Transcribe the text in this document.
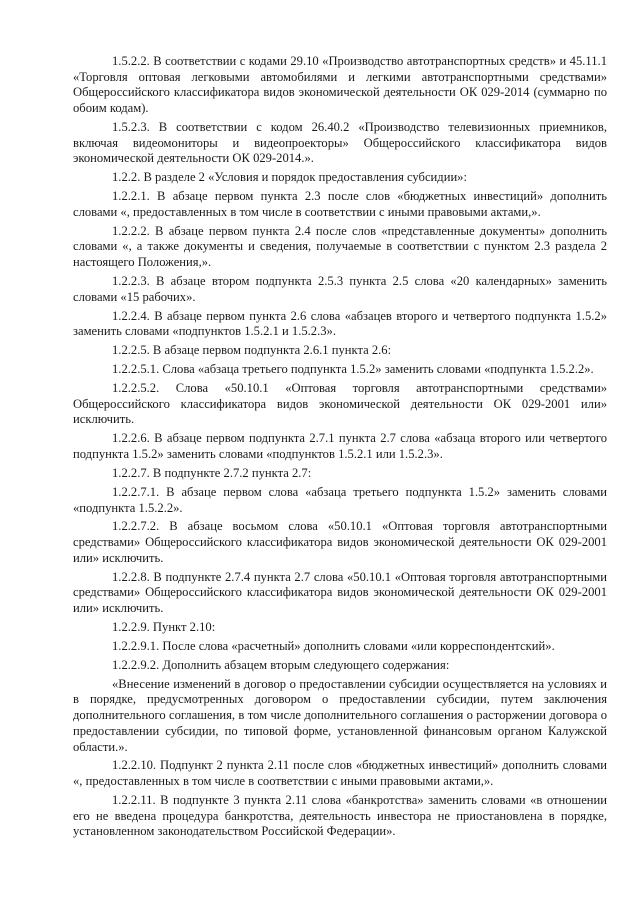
1.5.2.2. В соответствии с кодами 29.10 «Производство автотранспортных средств» и 45.11.1 «Торговля оптовая легковыми автомобилями и легкими автотранспортными средствами» Общероссийского классификатора видов экономической деятельности ОК 029-2014 (суммарно по обоим кодам).

1.5.2.3. В соответствии с кодом 26.40.2 «Производство телевизионных приемников, включая видеомониторы и видеопроекторы» Общероссийского классификатора видов экономической деятельности ОК 029-2014.».

1.2.2. В разделе 2 «Условия и порядок предоставления субсидии»:

1.2.2.1. В абзаце первом пункта 2.3 после слов «бюджетных инвестиций» дополнить словами «, предоставленных в том числе в соответствии с иными правовыми актами,».

1.2.2.2. В абзаце первом пункта 2.4 после слов «представленные документы» дополнить словами «, а также документы и сведения, получаемые в соответствии с пунктом 2.3 раздела 2 настоящего Положения,».

1.2.2.3. В абзаце втором подпункта 2.5.3 пункта 2.5 слова «20 календарных» заменить словами «15 рабочих».

1.2.2.4. В абзаце первом пункта 2.6 слова «абзацев второго и четвертого подпункта 1.5.2» заменить словами «подпунктов 1.5.2.1 и 1.5.2.3».

1.2.2.5. В абзаце первом подпункта 2.6.1 пункта 2.6:

1.2.2.5.1. Слова «абзаца третьего подпункта 1.5.2» заменить словами «подпункта 1.5.2.2».

1.2.2.5.2. Слова «50.10.1 «Оптовая торговля автотранспортными средствами» Общероссийского классификатора видов экономической деятельности ОК 029-2001 или» исключить.

1.2.2.6. В абзаце первом подпункта 2.7.1 пункта 2.7 слова «абзаца второго или четвертого подпункта 1.5.2» заменить словами «подпунктов 1.5.2.1 или 1.5.2.3».

1.2.2.7. В подпункте 2.7.2 пункта 2.7:

1.2.2.7.1. В абзаце первом слова «абзаца третьего подпункта 1.5.2» заменить словами «подпункта 1.5.2.2».

1.2.2.7.2. В абзаце восьмом слова «50.10.1 «Оптовая торговля автотранспортными средствами» Общероссийского классификатора видов экономической деятельности ОК 029-2001 или» исключить.

1.2.2.8. В подпункте 2.7.4 пункта 2.7 слова «50.10.1 «Оптовая торговля автотранспортными средствами» Общероссийского классификатора видов экономической деятельности ОК 029-2001 или» исключить.

1.2.2.9. Пункт 2.10:

1.2.2.9.1. После слова «расчетный» дополнить словами «или корреспондентский».

1.2.2.9.2. Дополнить абзацем вторым следующего содержания:

«Внесение изменений в договор о предоставлении субсидии осуществляется на условиях и в порядке, предусмотренных договором о предоставлении субсидии, путем заключения дополнительного соглашения, в том числе дополнительного соглашения о расторжении договора о предоставлении субсидии, по типовой форме, установленной финансовым органом Калужской области.».

1.2.2.10. Подпункт 2 пункта 2.11 после слов «бюджетных инвестиций» дополнить словами «, предоставленных в том числе в соответствии с иными правовыми актами,».

1.2.2.11. В подпункте 3 пункта 2.11 слова «банкротства» заменить словами «в отношении его не введена процедура банкротства, деятельность инвестора не приостановлена в порядке, установленном законодательством Российской Федерации».
